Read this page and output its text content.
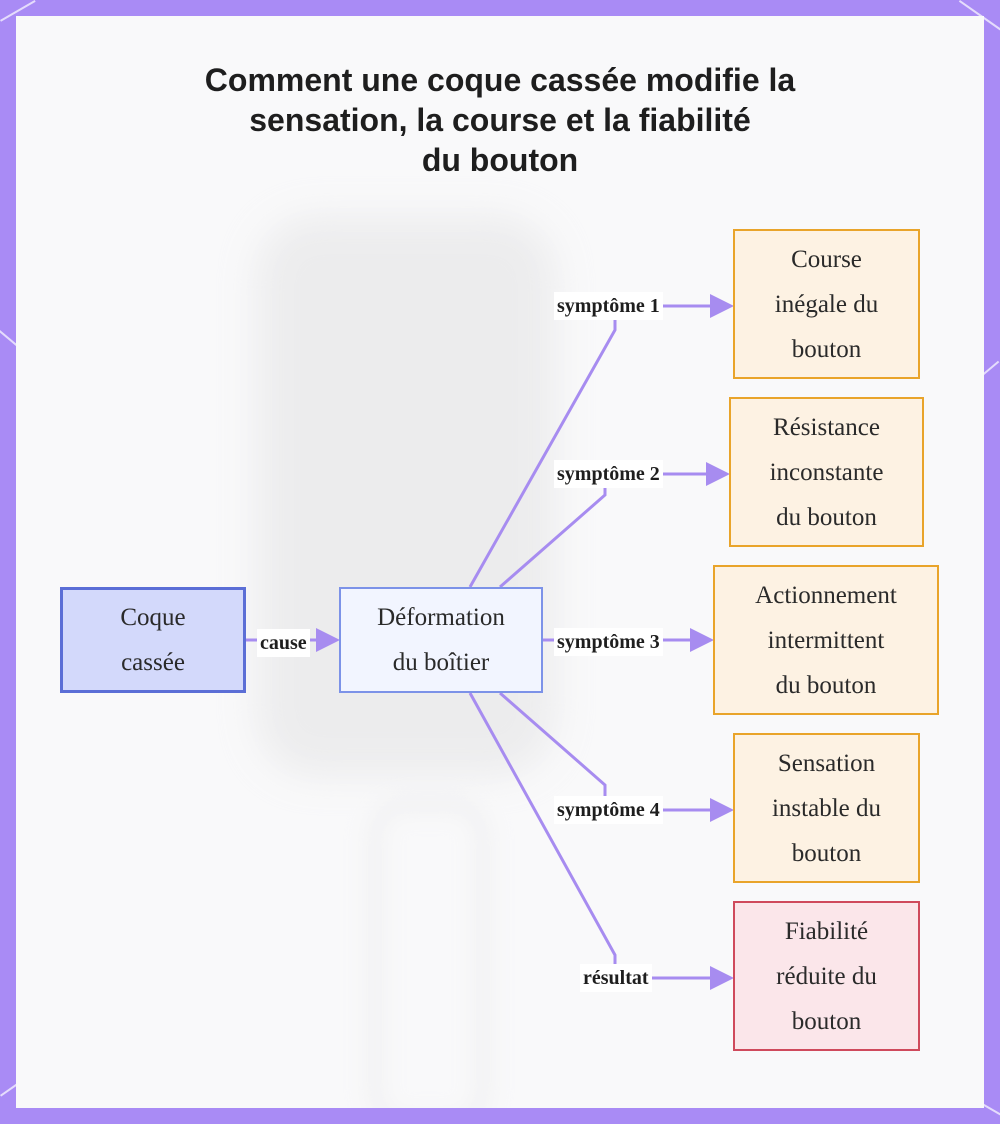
Comment une coque cassée modifie la
sensation, la course et la fiabilité
du bouton
Coque
cassée
Déformation
du boîtier
Course
inégale du
bouton
Résistance
inconstante
du bouton
Actionnement
intermittent
du bouton
Sensation
instable du
bouton
Fiabilité
réduite du
bouton
cause
symptôme 1
symptôme 2
symptôme 3
symptôme 4
résultat
